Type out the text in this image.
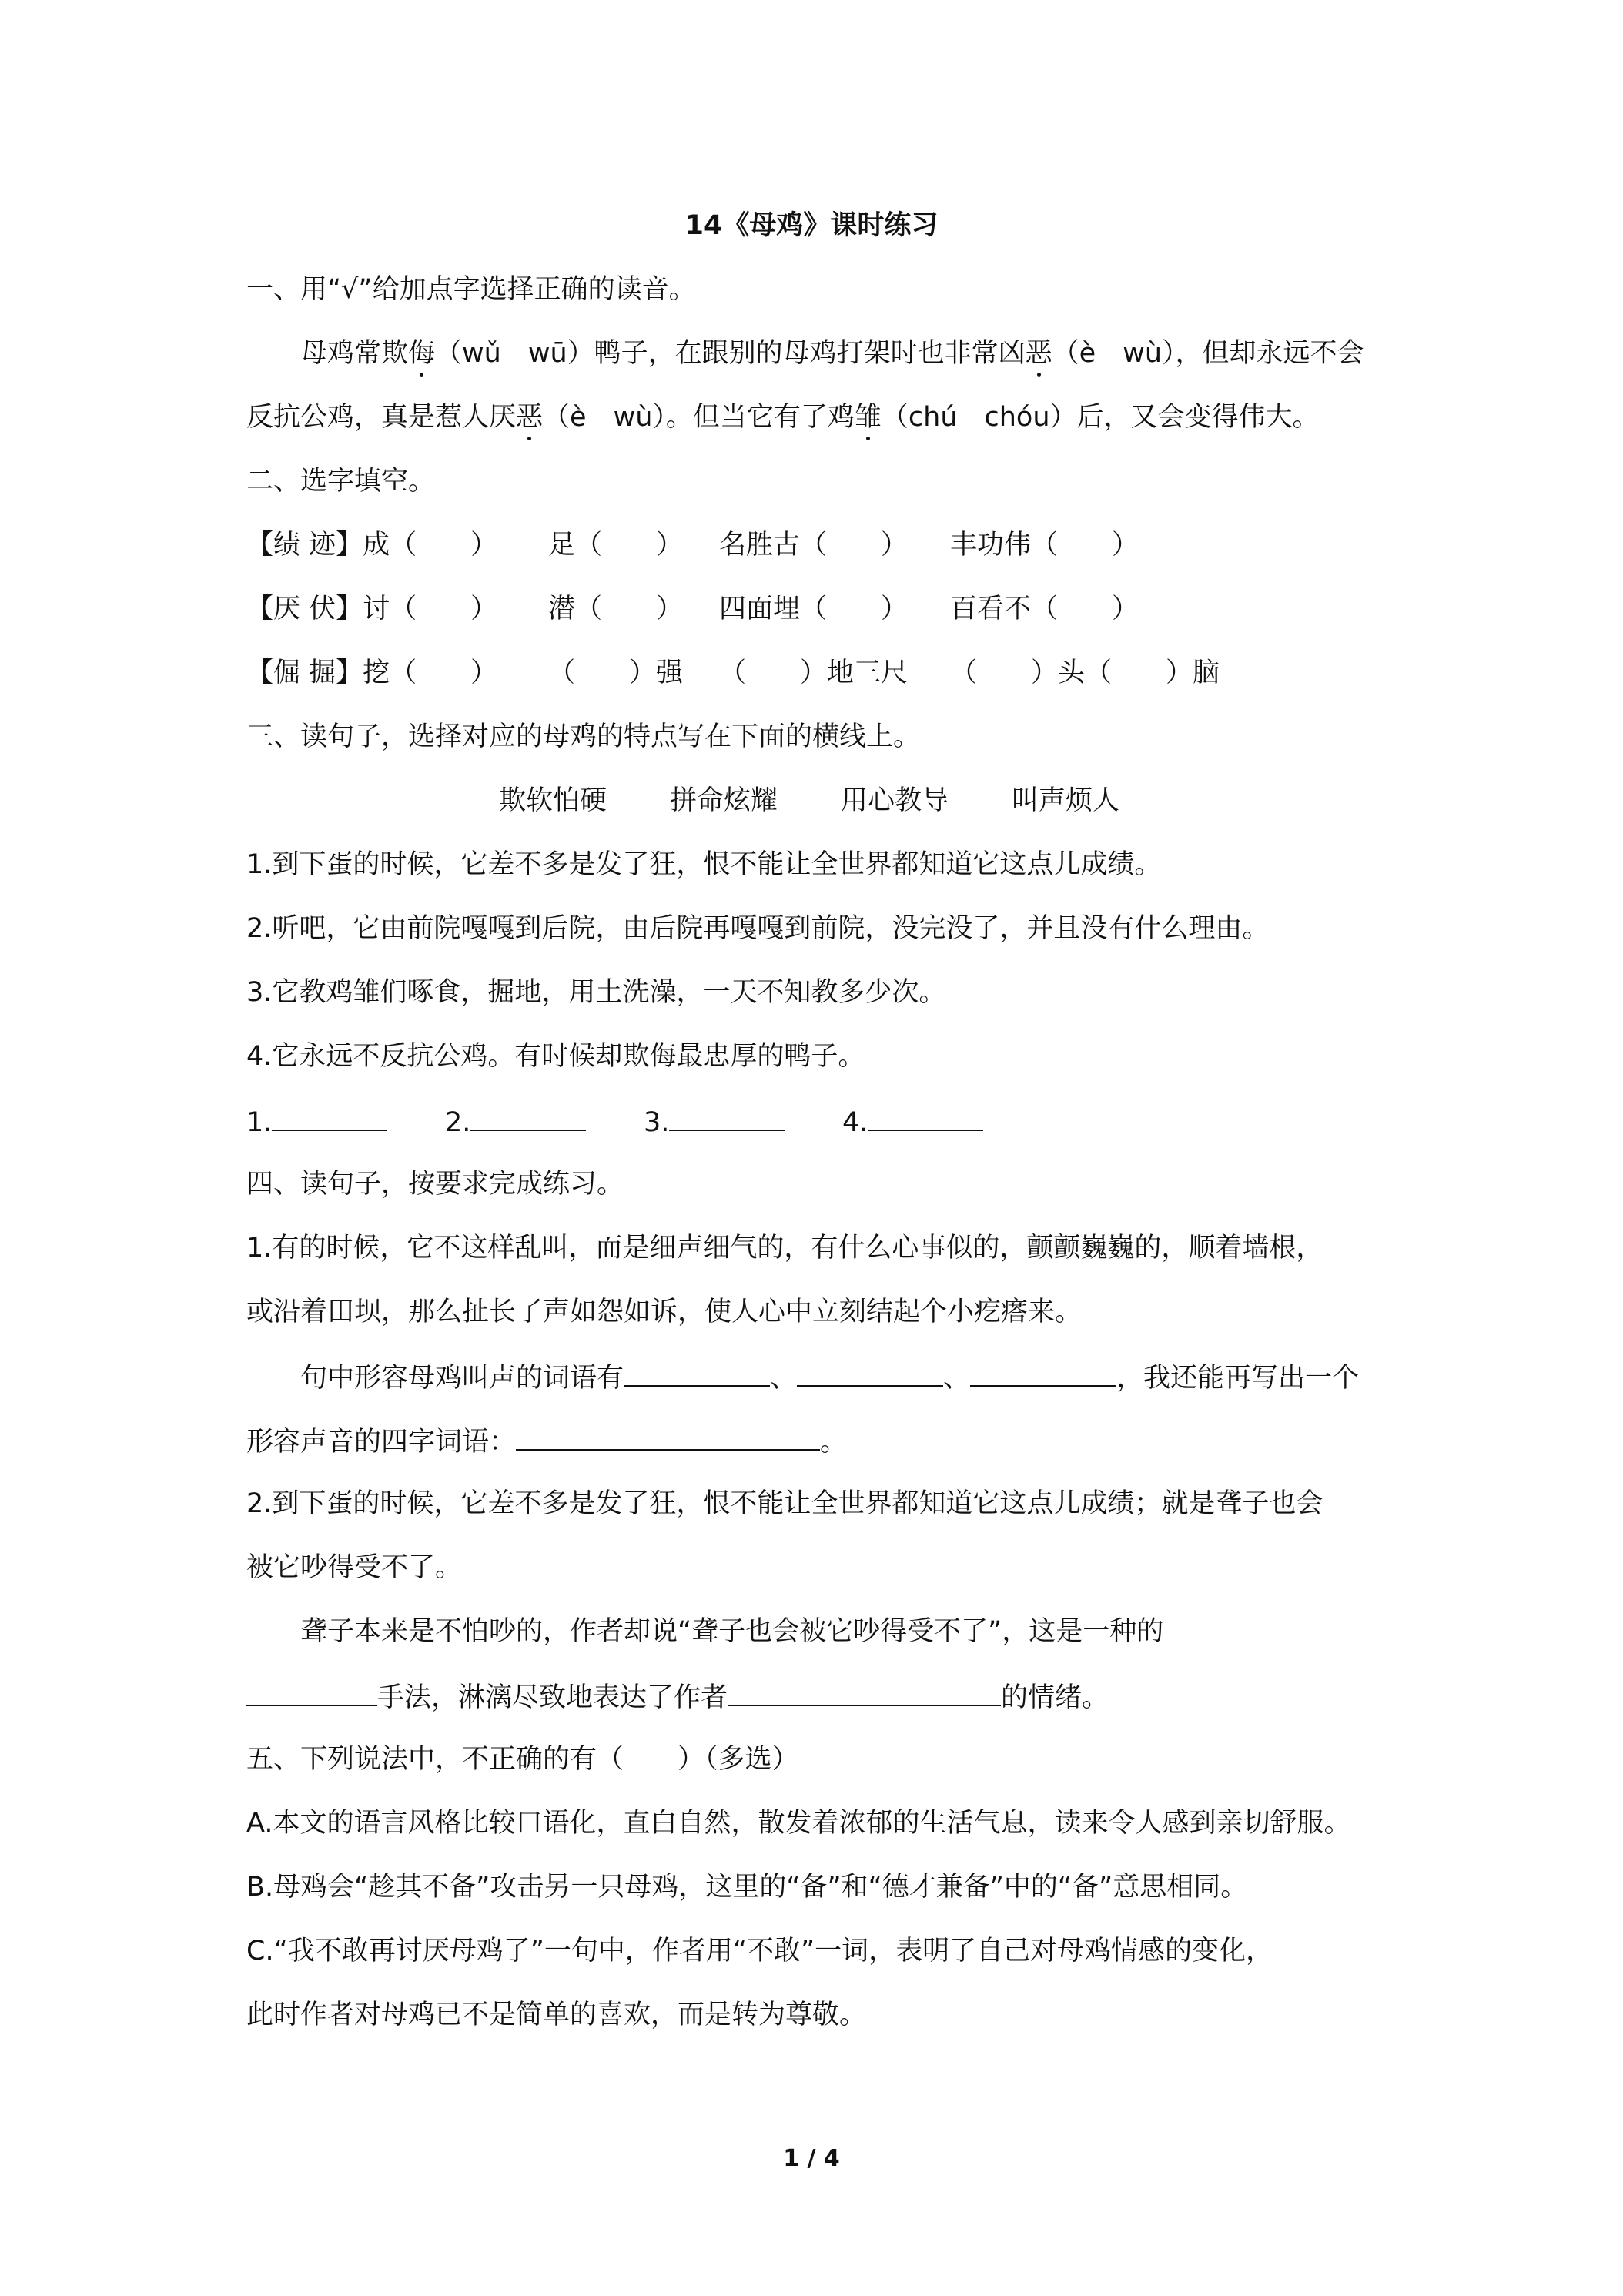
14《母鸡》课时练习
一、用“√”给加点字选择正确的读音。
母鸡常欺侮（wǔ　wū）鸭子，在跟别的母鸡打架时也非常凶恶（è　wù），但却永远不会
反抗公鸡，真是惹人厌恶（è　wù）。但当它有了鸡雏（chú　chóu）后，又会变得伟大。
二、选字填空。
【绩 迹】成（　　） 足（　　） 名胜古（　　） 丰功伟（　　）
【厌 伏】讨（　　） 潜（　　） 四面埋（　　） 百看不（　　）
【倔 掘】挖（　　） （　　）强 （　　）地三尺 （　　）头（　　）脑
三、读句子，选择对应的母鸡的特点写在下面的横线上。
欺软怕硬 拼命炫耀 用心教导 叫声烦人
1.到下蛋的时候，它差不多是发了狂，恨不能让全世界都知道它这点儿成绩。
2.听吧，它由前院嘎嘎到后院，由后院再嘎嘎到前院，没完没了，并且没有什么理由。
3.它教鸡雏们啄食，掘地，用土洗澡，一天不知教多少次。
4.它永远不反抗公鸡。有时候却欺侮最忠厚的鸭子。
1.	2.	3.	4.
四、读句子，按要求完成练习。
1.有的时候，它不这样乱叫，而是细声细气的，有什么心事似的，颤颤巍巍的，顺着墙根，
或沿着田坝，那么扯长了声如怨如诉，使人心中立刻结起个小疙瘩来。
句中形容母鸡叫声的词语有	、	、	，我还能再写出一个
形容声音的四字词语：	。
2.到下蛋的时候，它差不多是发了狂，恨不能让全世界都知道它这点儿成绩；就是聋子也会
被它吵得受不了。
聋子本来是不怕吵的，作者却说“聋子也会被它吵得受不了”，这是一种的
手法，淋漓尽致地表达了作者	的情绪。
五、下列说法中，不正确的有（　　）（多选）
A.本文的语言风格比较口语化，直白自然，散发着浓郁的生活气息，读来令人感到亲切舒服。
B.母鸡会“趁其不备”攻击另一只母鸡，这里的“备”和“德才兼备”中的“备”意思相同。
C.“我不敢再讨厌母鸡了”一句中，作者用“不敢”一词，表明了自己对母鸡情感的变化，
此时作者对母鸡已不是简单的喜欢，而是转为尊敬。
1 / 4
